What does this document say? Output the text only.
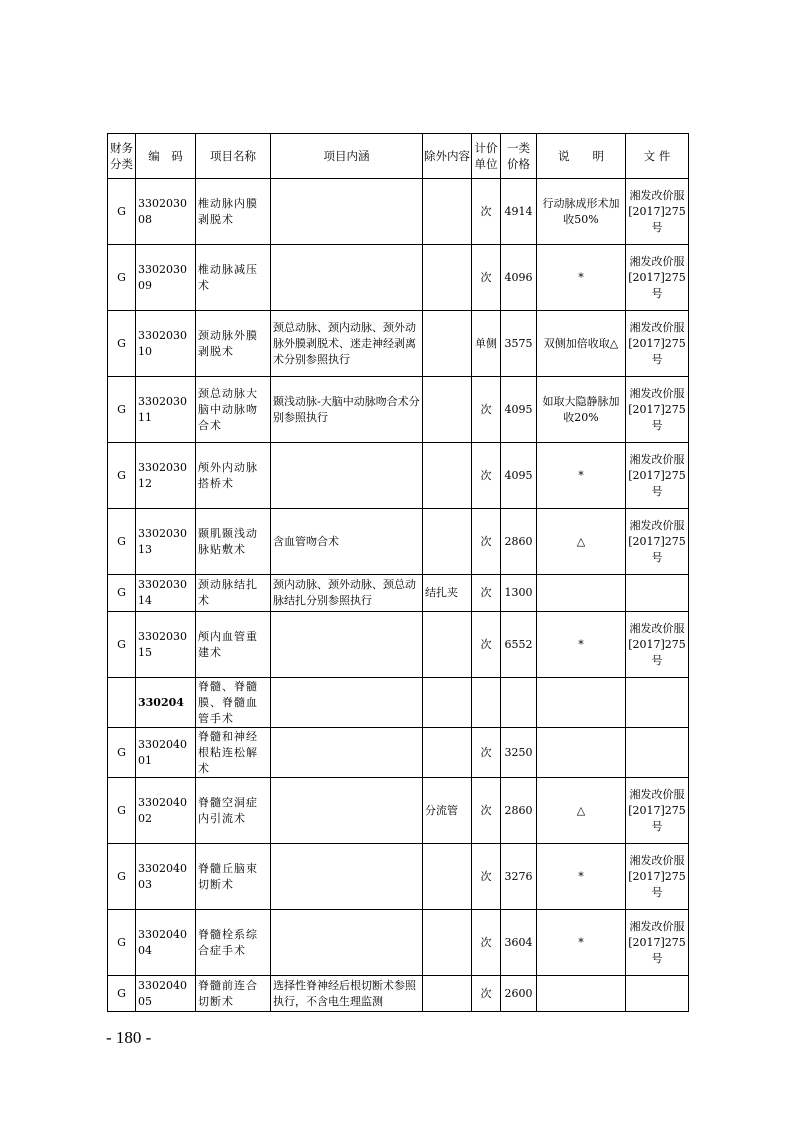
财务分类	编　码	项目名称	项目内涵	除外内容	计价单位	一类价格	说　　明	文 件
G	330203008	椎动脉内膜剥脱术			次	4914	行动脉成形术加收50%	湘发改价服[2017]275号
G	330203009	椎动脉减压术			次	4096	*	湘发改价服[2017]275号
G	330203010	颈动脉外膜剥脱术	颈总动脉、颈内动脉、颈外动脉外膜剥脱术、迷走神经剥离术分别参照执行		单侧	3575	双侧加倍收取△	湘发改价服[2017]275号
G	330203011	颈总动脉大脑中动脉吻合术	颞浅动脉-大脑中动脉吻合术分别参照执行		次	4095	如取大隐静脉加收20%	湘发改价服[2017]275号
G	330203012	颅外内动脉搭桥术			次	4095	*	湘发改价服[2017]275号
G	330203013	颞肌颞浅动脉贴敷术	含血管吻合术		次	2860	△	湘发改价服[2017]275号
G	330203014	颈动脉结扎术	颈内动脉、颈外动脉、颈总动脉结扎分别参照执行	结扎夹	次	1300		
G	330203015	颅内血管重建术			次	6552	*	湘发改价服[2017]275号
	330204	脊髓、脊髓膜、脊髓血管手术						
G	330204001	脊髓和神经根粘连松解术			次	3250		
G	330204002	脊髓空洞症内引流术		分流管	次	2860	△	湘发改价服[2017]275号
G	330204003	脊髓丘脑束切断术			次	3276	*	湘发改价服[2017]275号
G	330204004	脊髓栓系综合症手术			次	3604	*	湘发改价服[2017]275号
G	330204005	脊髓前连合切断术	选择性脊神经后根切断术参照执行，不含电生理监测		次	2600		
- 180 -
